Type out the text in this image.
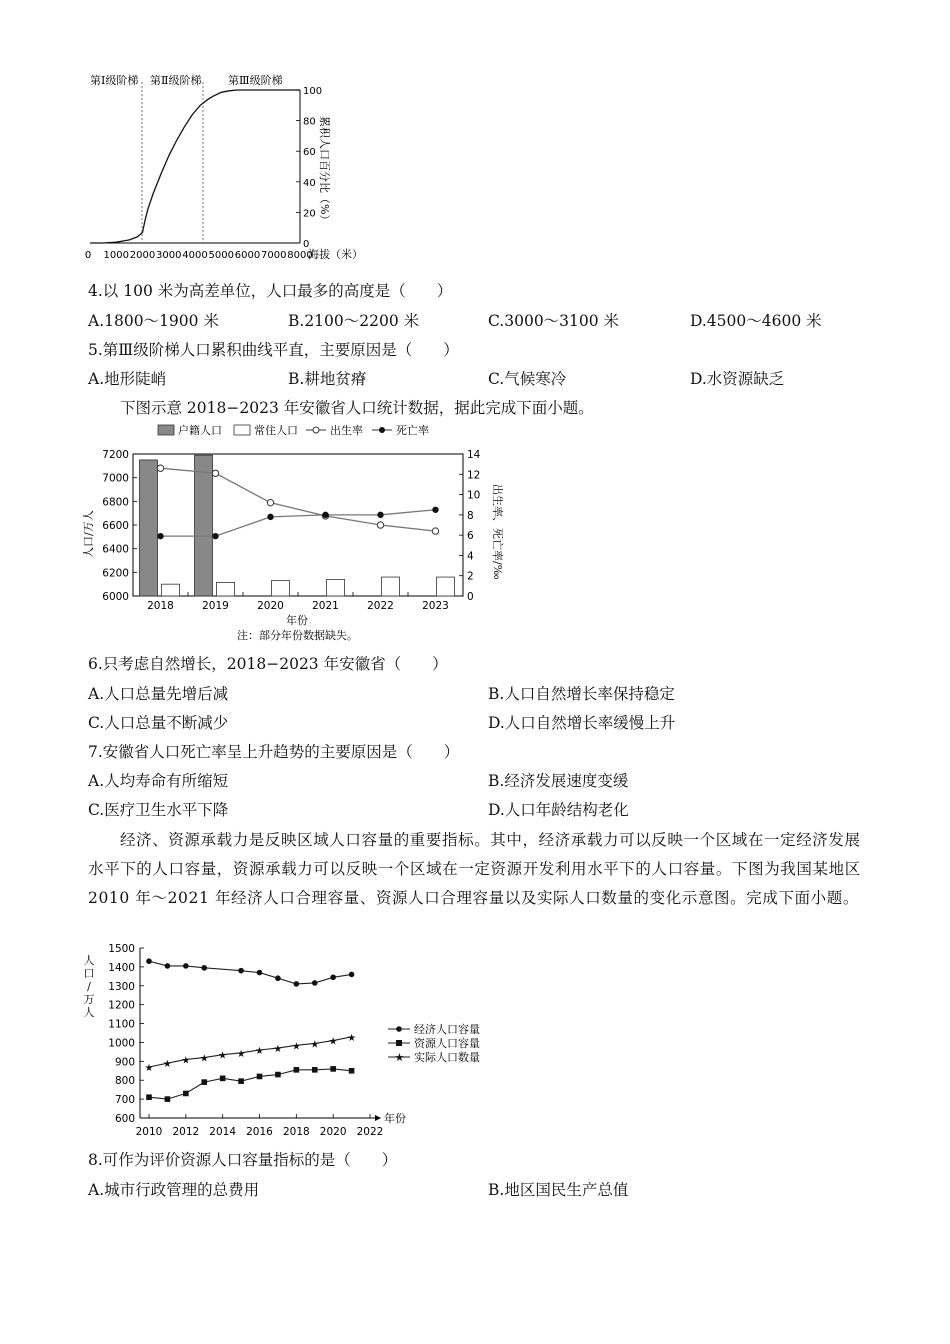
第Ⅰ级阶梯 第Ⅱ级阶梯 第Ⅲ级阶梯
0 1000 2000 3000 4000 5000 6000 7000 8000
0
20
40
60
80
100
海拔（米）
累积人口百分比（%）
户籍人口	常住人口	出生率	死亡率
6000
6200
6400
6600
6800
7000
7200
0
2
4
6
8
10
12
14
2018	2019	2020	2021	2022	2023
人口/万人	出生率、死亡率/‰
年份
注：部分年份数据缺失。
600
700
800
900
1000
1100
1200
1300
1400
1500
2010 2012 2014 2016 2018 2020 2022
★ ★ ★ ★ ★ ★ ★ ★ ★ ★ ★ ★
人口/万人
年份
经济人口容量
资源人口容量
★ 实际人口数量
4.以 100 米为高差单位，人口最多的高度是（　　）
A.1800～1900 米	B.2100～2200 米	C.3000～3100 米	D.4500～4600 米
5.第Ⅲ级阶梯人口累积曲线平直，主要原因是（　　）
A.地形陡峭	B.耕地贫瘠	C.气候寒冷	D.水资源缺乏
下图示意 2018−2023 年安徽省人口统计数据，据此完成下面小题。
6.只考虑自然增长，2018−2023 年安徽省（　　）
A.人口总量先增后减	B.人口自然增长率保持稳定
C.人口总量不断减少	D.人口自然增长率缓慢上升
7.安徽省人口死亡率呈上升趋势的主要原因是（　　）
A.人均寿命有所缩短	B.经济发展速度变缓
C.医疗卫生水平下降	D.人口年龄结构老化
经济、资源承载力是反映区域人口容量的重要指标。其中，经济承载力可以反映一个区域在一定经济发展水平下的人口容量，资源承载力可以反映一个区域在一定资源开发利用水平下的人口容量。下图为我国某地区 2010 年～2021 年经济人口合理容量、资源人口合理容量以及实际人口数量的变化示意图。完成下面小题。
8.可作为评价资源人口容量指标的是（　　）
A.城市行政管理的总费用	B.地区国民生产总值
